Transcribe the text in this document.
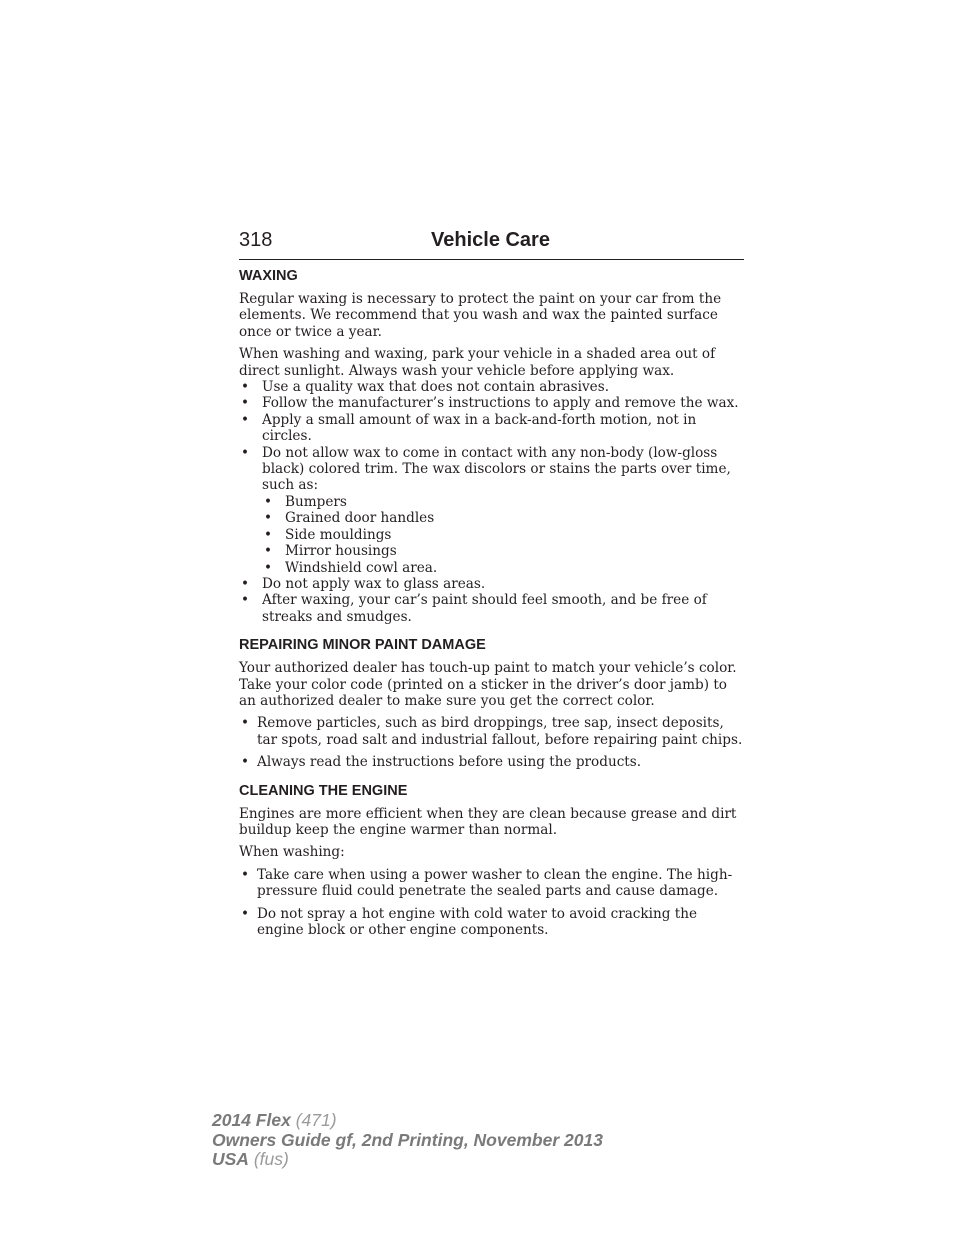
318	Vehicle Care
WAXING

Regular waxing is necessary to protect the paint on your car from the elements. We recommend that you wash and wax the painted surface once or twice a year.

When washing and waxing, park your vehicle in a shaded area out of direct sunlight. Always wash your vehicle before applying wax.

• Use a quality wax that does not contain abrasives.
• Follow the manufacturer’s instructions to apply and remove the wax.
• Apply a small amount of wax in a back-and-forth motion, not in circles.
• Do not allow wax to come in contact with any non-body (low-gloss black) colored trim. The wax discolors or stains the parts over time, such as:
• Bumpers
• Grained door handles
• Side mouldings
• Mirror housings
• Windshield cowl area.
• Do not apply wax to glass areas.
• After waxing, your car’s paint should feel smooth, and be free of streaks and smudges.
REPAIRING MINOR PAINT DAMAGE

Your authorized dealer has touch-up paint to match your vehicle’s color. Take your color code (printed on a sticker in the driver’s door jamb) to an authorized dealer to make sure you get the correct color.

• Remove particles, such as bird droppings, tree sap, insect deposits, tar spots, road salt and industrial fallout, before repairing paint chips.
• Always read the instructions before using the products.
CLEANING THE ENGINE

Engines are more efficient when they are clean because grease and dirt buildup keep the engine warmer than normal.

When washing:

• Take care when using a power washer to clean the engine. The high-pressure fluid could penetrate the sealed parts and cause damage.
• Do not spray a hot engine with cold water to avoid cracking the engine block or other engine components.
2014 Flex (471)
Owners Guide gf, 2nd Printing, November 2013
USA (fus)
